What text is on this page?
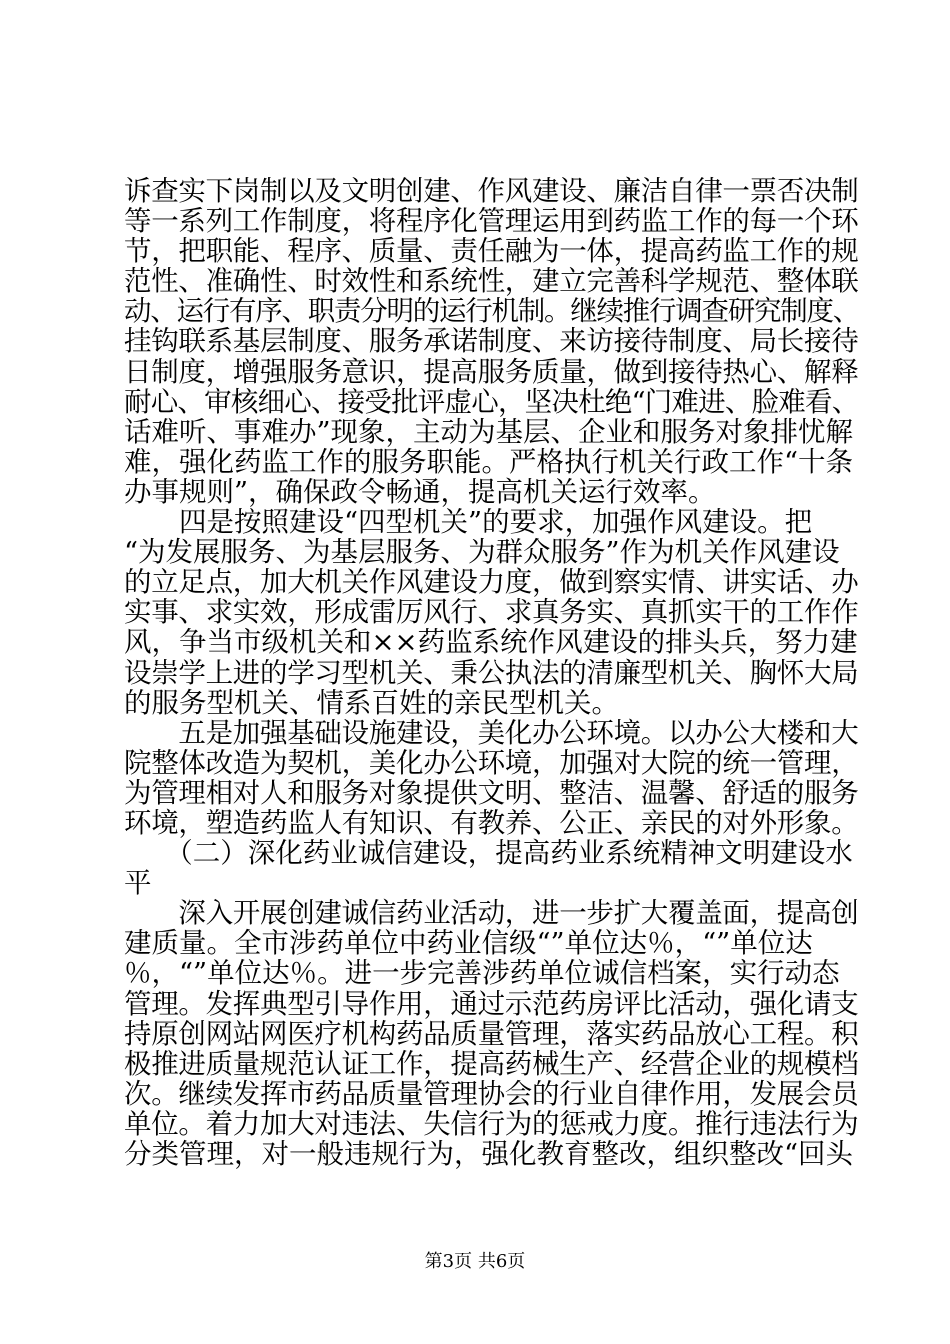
诉查实下岗制以及文明创建、作风建设、廉洁自律一票否决制
等一系列工作制度，将程序化管理运用到药监工作的每一个环
节，把职能、程序、质量、责任融为一体，提高药监工作的规
范性、准确性、时效性和系统性，建立完善科学规范、整体联
动、运行有序、职责分明的运行机制。继续推行调查研究制度、
挂钩联系基层制度、服务承诺制度、来访接待制度、局长接待
日制度，增强服务意识，提高服务质量，做到接待热心、解释
耐心、审核细心、接受批评虚心，坚决杜绝“门难进、脸难看、
话难听、事难办”现象，主动为基层、企业和服务对象排忧解
难，强化药监工作的服务职能。严格执行机关行政工作“十条
办事规则”，确保政令畅通，提高机关运行效率。
　　四是按照建设“四型机关”的要求，加强作风建设。把
“为发展服务、为基层服务、为群众服务”作为机关作风建设
的立足点，加大机关作风建设力度，做到察实情、讲实话、办
实事、求实效，形成雷厉风行、求真务实、真抓实干的工作作
风，争当市级机关和××药监系统作风建设的排头兵，努力建
设崇学上进的学习型机关、秉公执法的清廉型机关、胸怀大局
的服务型机关、情系百姓的亲民型机关。
　　五是加强基础设施建设，美化办公环境。以办公大楼和大
院整体改造为契机，美化办公环境，加强对大院的统一管理，
为管理相对人和服务对象提供文明、整洁、温馨、舒适的服务
环境，塑造药监人有知识、有教养、公正、亲民的对外形象。
　　（二）深化药业诚信建设，提高药业系统精神文明建设水
平
　　深入开展创建诚信药业活动，进一步扩大覆盖面，提高创
建质量。全市涉药单位中药业信级“”单位达％，“”单位达
％，“”单位达％。进一步完善涉药单位诚信档案，实行动态
管理。发挥典型引导作用，通过示范药房评比活动，强化请支
持原创网站网医疗机构药品质量管理，落实药品放心工程。积
极推进质量规范认证工作，提高药械生产、经营企业的规模档
次。继续发挥市药品质量管理协会的行业自律作用，发展会员
单位。着力加大对违法、失信行为的惩戒力度。推行违法行为
分类管理，对一般违规行为，强化教育整改，组织整改“回头
第3页 共6页
